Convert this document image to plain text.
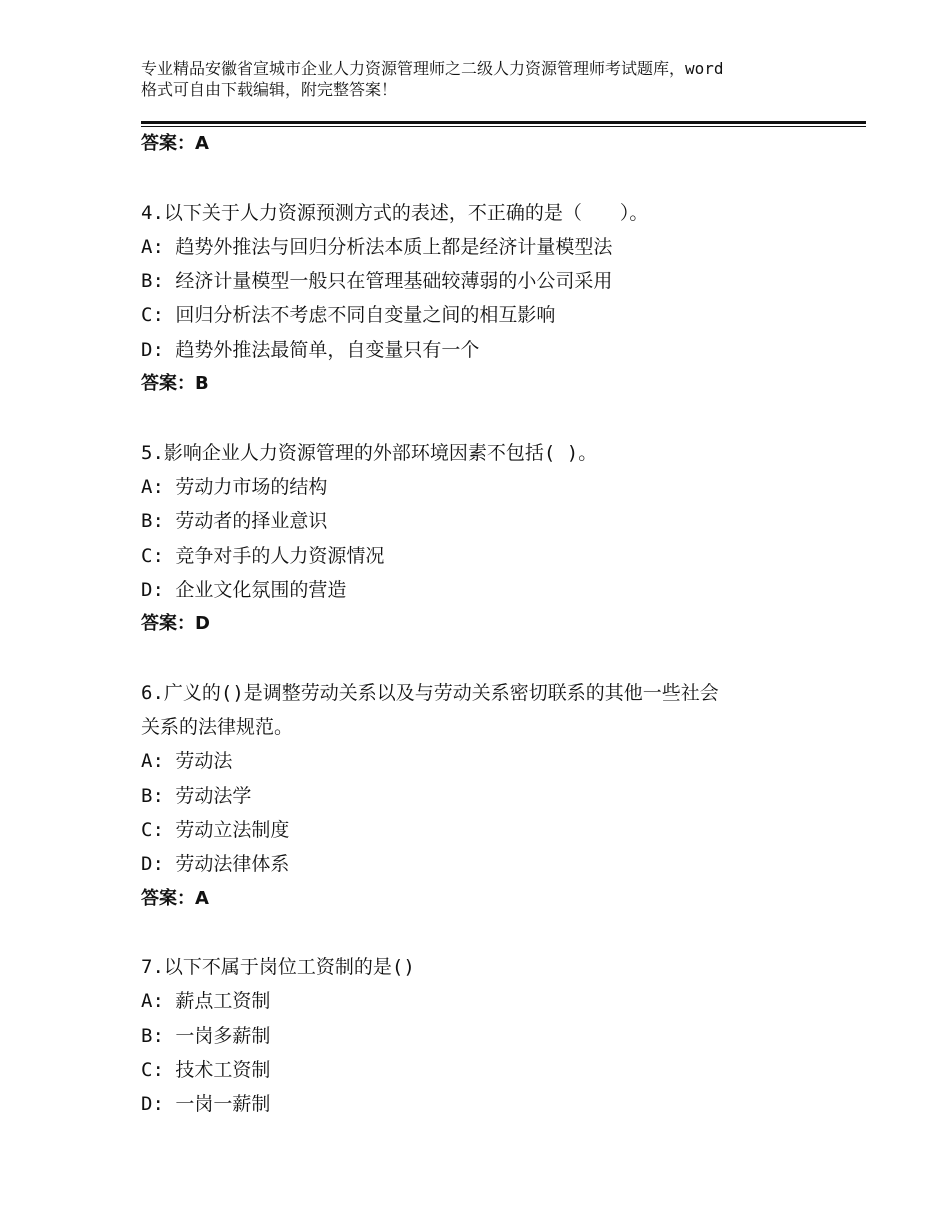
专业精品安徽省宣城市企业人力资源管理师之二级人力资源管理师考试题库，word
格式可自由下载编辑，附完整答案！
答案：A
4.以下关于人力资源预测方式的表述，不正确的是（　　）。
A: 趋势外推法与回归分析法本质上都是经济计量模型法
B: 经济计量模型一般只在管理基础较薄弱的小公司采用
C: 回归分析法不考虑不同自变量之间的相互影响
D: 趋势外推法最简单，自变量只有一个
答案：B
5.影响企业人力资源管理的外部环境因素不包括( )。
A: 劳动力市场的结构
B: 劳动者的择业意识
C: 竞争对手的人力资源情况
D: 企业文化氛围的营造
答案：D
6.广义的()是调整劳动关系以及与劳动关系密切联系的其他一些社会
关系的法律规范。
A: 劳动法
B: 劳动法学
C: 劳动立法制度
D: 劳动法律体系
答案：A
7.以下不属于岗位工资制的是()
A: 薪点工资制
B: 一岗多薪制
C: 技术工资制
D: 一岗一薪制
